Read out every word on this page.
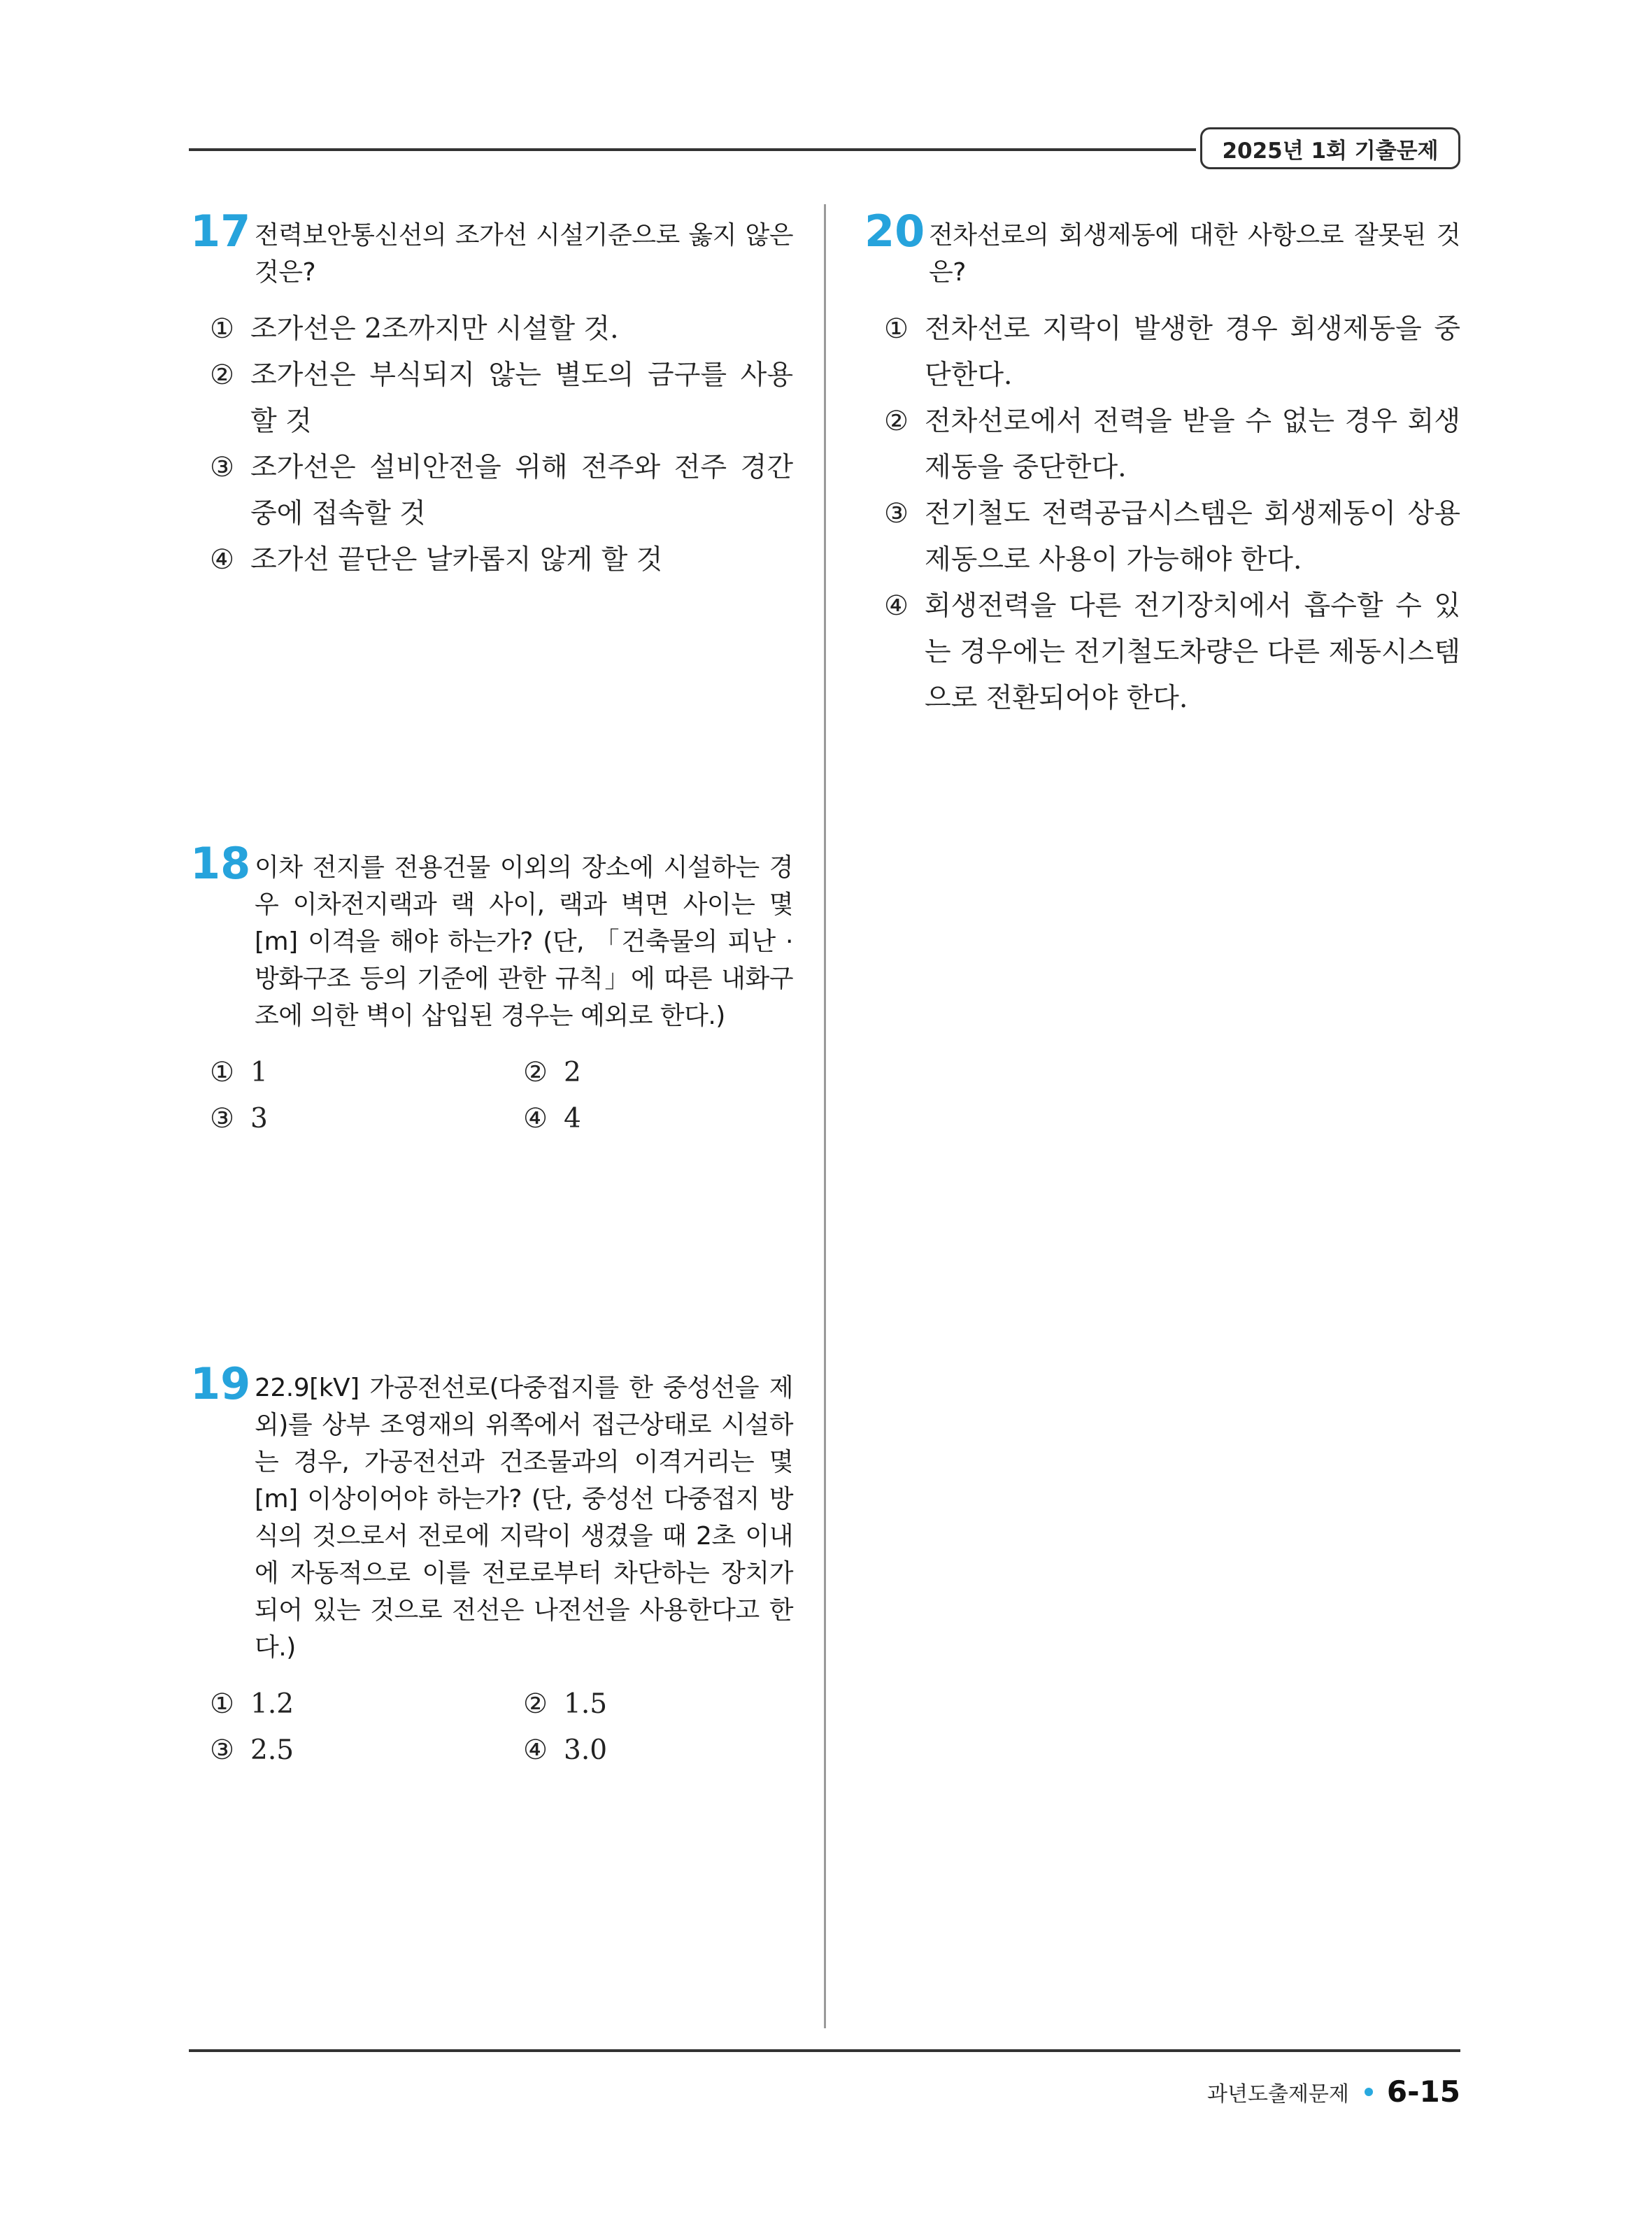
2025년 1회 기출문제
17 전력보안통신선의 조가선 시설기준으로 옳지 않은 것은?
① 조가선은 2조까지만 시설할 것.
② 조가선은 부식되지 않는 별도의 금구를 사용할 것
③ 조가선은 설비안전을 위해 전주와 전주 경간 중에 접속할 것
④ 조가선 끝단은 날카롭지 않게 할 것
18 이차 전지를 전용건물 이외의 장소에 시설하는 경우 이차전지랙과 랙 사이, 랙과 벽면 사이는 몇 [m] 이격을 해야 하는가? (단, 「건축물의 피난 · 방화구조 등의 기준에 관한 규칙」에 따른 내화구조에 의한 벽이 삽입된 경우는 예외로 한다.)
① 1	② 2
③ 3	④ 4
19 22.9[kV] 가공전선로(다중접지를 한 중성선을 제외)를 상부 조영재의 위쪽에서 접근상태로 시설하는 경우, 가공전선과 건조물과의 이격거리는 몇 [m] 이상이어야 하는가? (단, 중성선 다중접지 방식의 것으로서 전로에 지락이 생겼을 때 2초 이내에 자동적으로 이를 전로로부터 차단하는 장치가 되어 있는 것으로 전선은 나전선을 사용한다고 한다.)
① 1.2	② 1.5
③ 2.5	④ 3.0
20 전차선로의 회생제동에 대한 사항으로 잘못된 것은?
① 전차선로 지락이 발생한 경우 회생제동을 중단한다.
② 전차선로에서 전력을 받을 수 없는 경우 회생제동을 중단한다.
③ 전기철도 전력공급시스템은 회생제동이 상용제동으로 사용이 가능해야 한다.
④ 회생전력을 다른 전기장치에서 흡수할 수 있는 경우에는 전기철도차량은 다른 제동시스템으로 전환되어야 한다.
과년도출제문제 6-15
